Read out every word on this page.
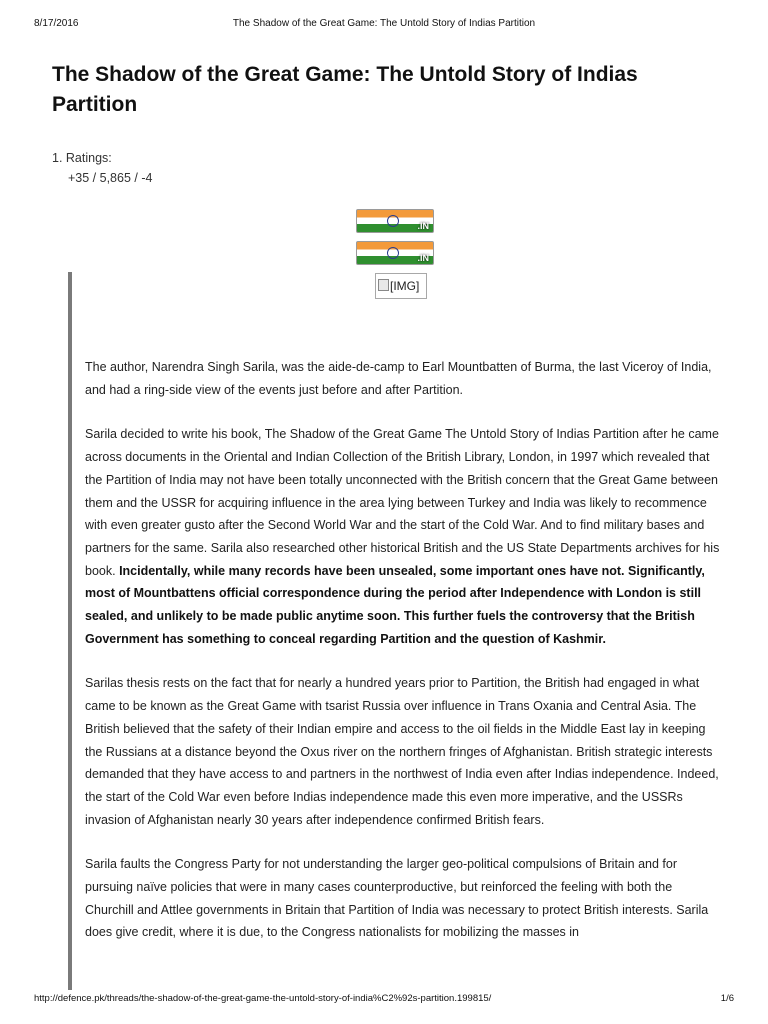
8/17/2016	The Shadow of the Great Game: The Untold Story of Indias Partition
The Shadow of the Great Game: The Untold Story of Indias Partition
1. Ratings:
+35 / 5,865 / -4
.IN
.IN
[IMG]

The author, Narendra Singh Sarila, was the aide-de-camp to Earl Mountbatten of Burma, the last Viceroy of India, and had a ring-side view of the events just before and after Partition.

Sarila decided to write his book, The Shadow of the Great Game The Untold Story of Indias Partition after he came across documents in the Oriental and Indian Collection of the British Library, London, in 1997 which revealed that the Partition of India may not have been totally unconnected with the British concern that the Great Game between them and the USSR for acquiring influence in the area lying between Turkey and India was likely to recommence with even greater gusto after the Second World War and the start of the Cold War. And to find military bases and partners for the same. Sarila also researched other historical British and the US State Departments archives for his book. Incidentally, while many records have been unsealed, some important ones have not. Significantly, most of Mountbattens official correspondence during the period after Independence with London is still sealed, and unlikely to be made public anytime soon. This further fuels the controversy that the British Government has something to conceal regarding Partition and the question of Kashmir.

Sarilas thesis rests on the fact that for nearly a hundred years prior to Partition, the British had engaged in what came to be known as the Great Game with tsarist Russia over influence in Trans Oxania and Central Asia. The British believed that the safety of their Indian empire and access to the oil fields in the Middle East lay in keeping the Russians at a distance beyond the Oxus river on the northern fringes of Afghanistan. British strategic interests demanded that they have access to and partners in the northwest of India even after Indias independence. Indeed, the start of the Cold War even before Indias independence made this even more imperative, and the USSRs invasion of Afghanistan nearly 30 years after independence confirmed British fears.

Sarila faults the Congress Party for not understanding the larger geo-political compulsions of Britain and for pursuing naïve policies that were in many cases counterproductive, but reinforced the feeling with both the Churchill and Attlee governments in Britain that Partition of India was necessary to protect British interests. Sarila does give credit, where it is due, to the Congress nationalists for mobilizing the masses in

http://defence.pk/threads/the-shadow-of-the-great-game-the-untold-story-of-india%C2%92s-partition.199815/	1/6
